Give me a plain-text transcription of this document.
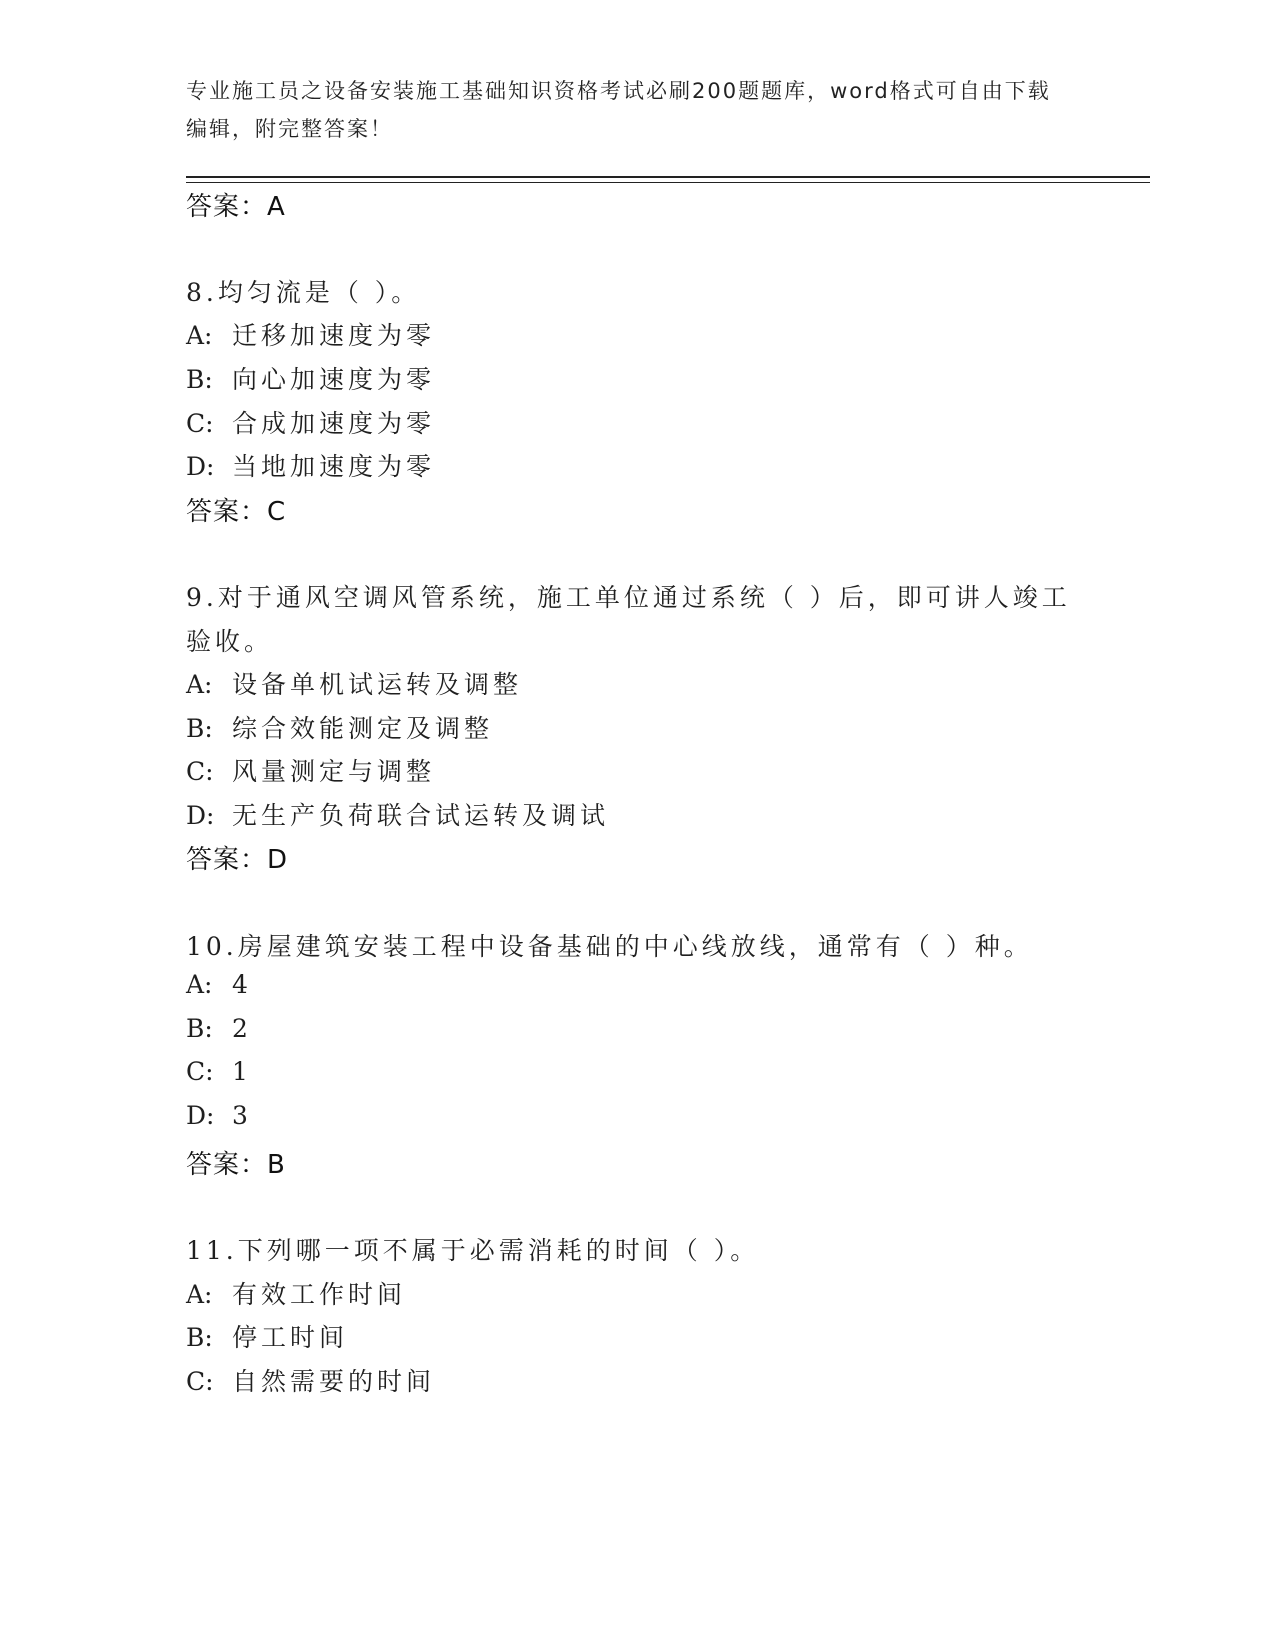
专业施工员之设备安装施工基础知识资格考试必刷200题题库，word格式可自由下载编辑，附完整答案！
答案：A
8.均匀流是（ ）。
A: 迁移加速度为零
B: 向心加速度为零
C: 合成加速度为零
D: 当地加速度为零
答案：C
9.对于通风空调风管系统，施工单位通过系统（ ）后，即可讲人竣工
验收。
A: 设备单机试运转及调整
B: 综合效能测定及调整
C: 风量测定与调整
D: 无生产负荷联合试运转及调试
答案：D
10.房屋建筑安装工程中设备基础的中心线放线，通常有（ ）种。
A: 4
B: 2
C: 1
D: 3
答案：B
11.下列哪一项不属于必需消耗的时间（ ）。
A: 有效工作时间
B: 停工时间
C: 自然需要的时间
